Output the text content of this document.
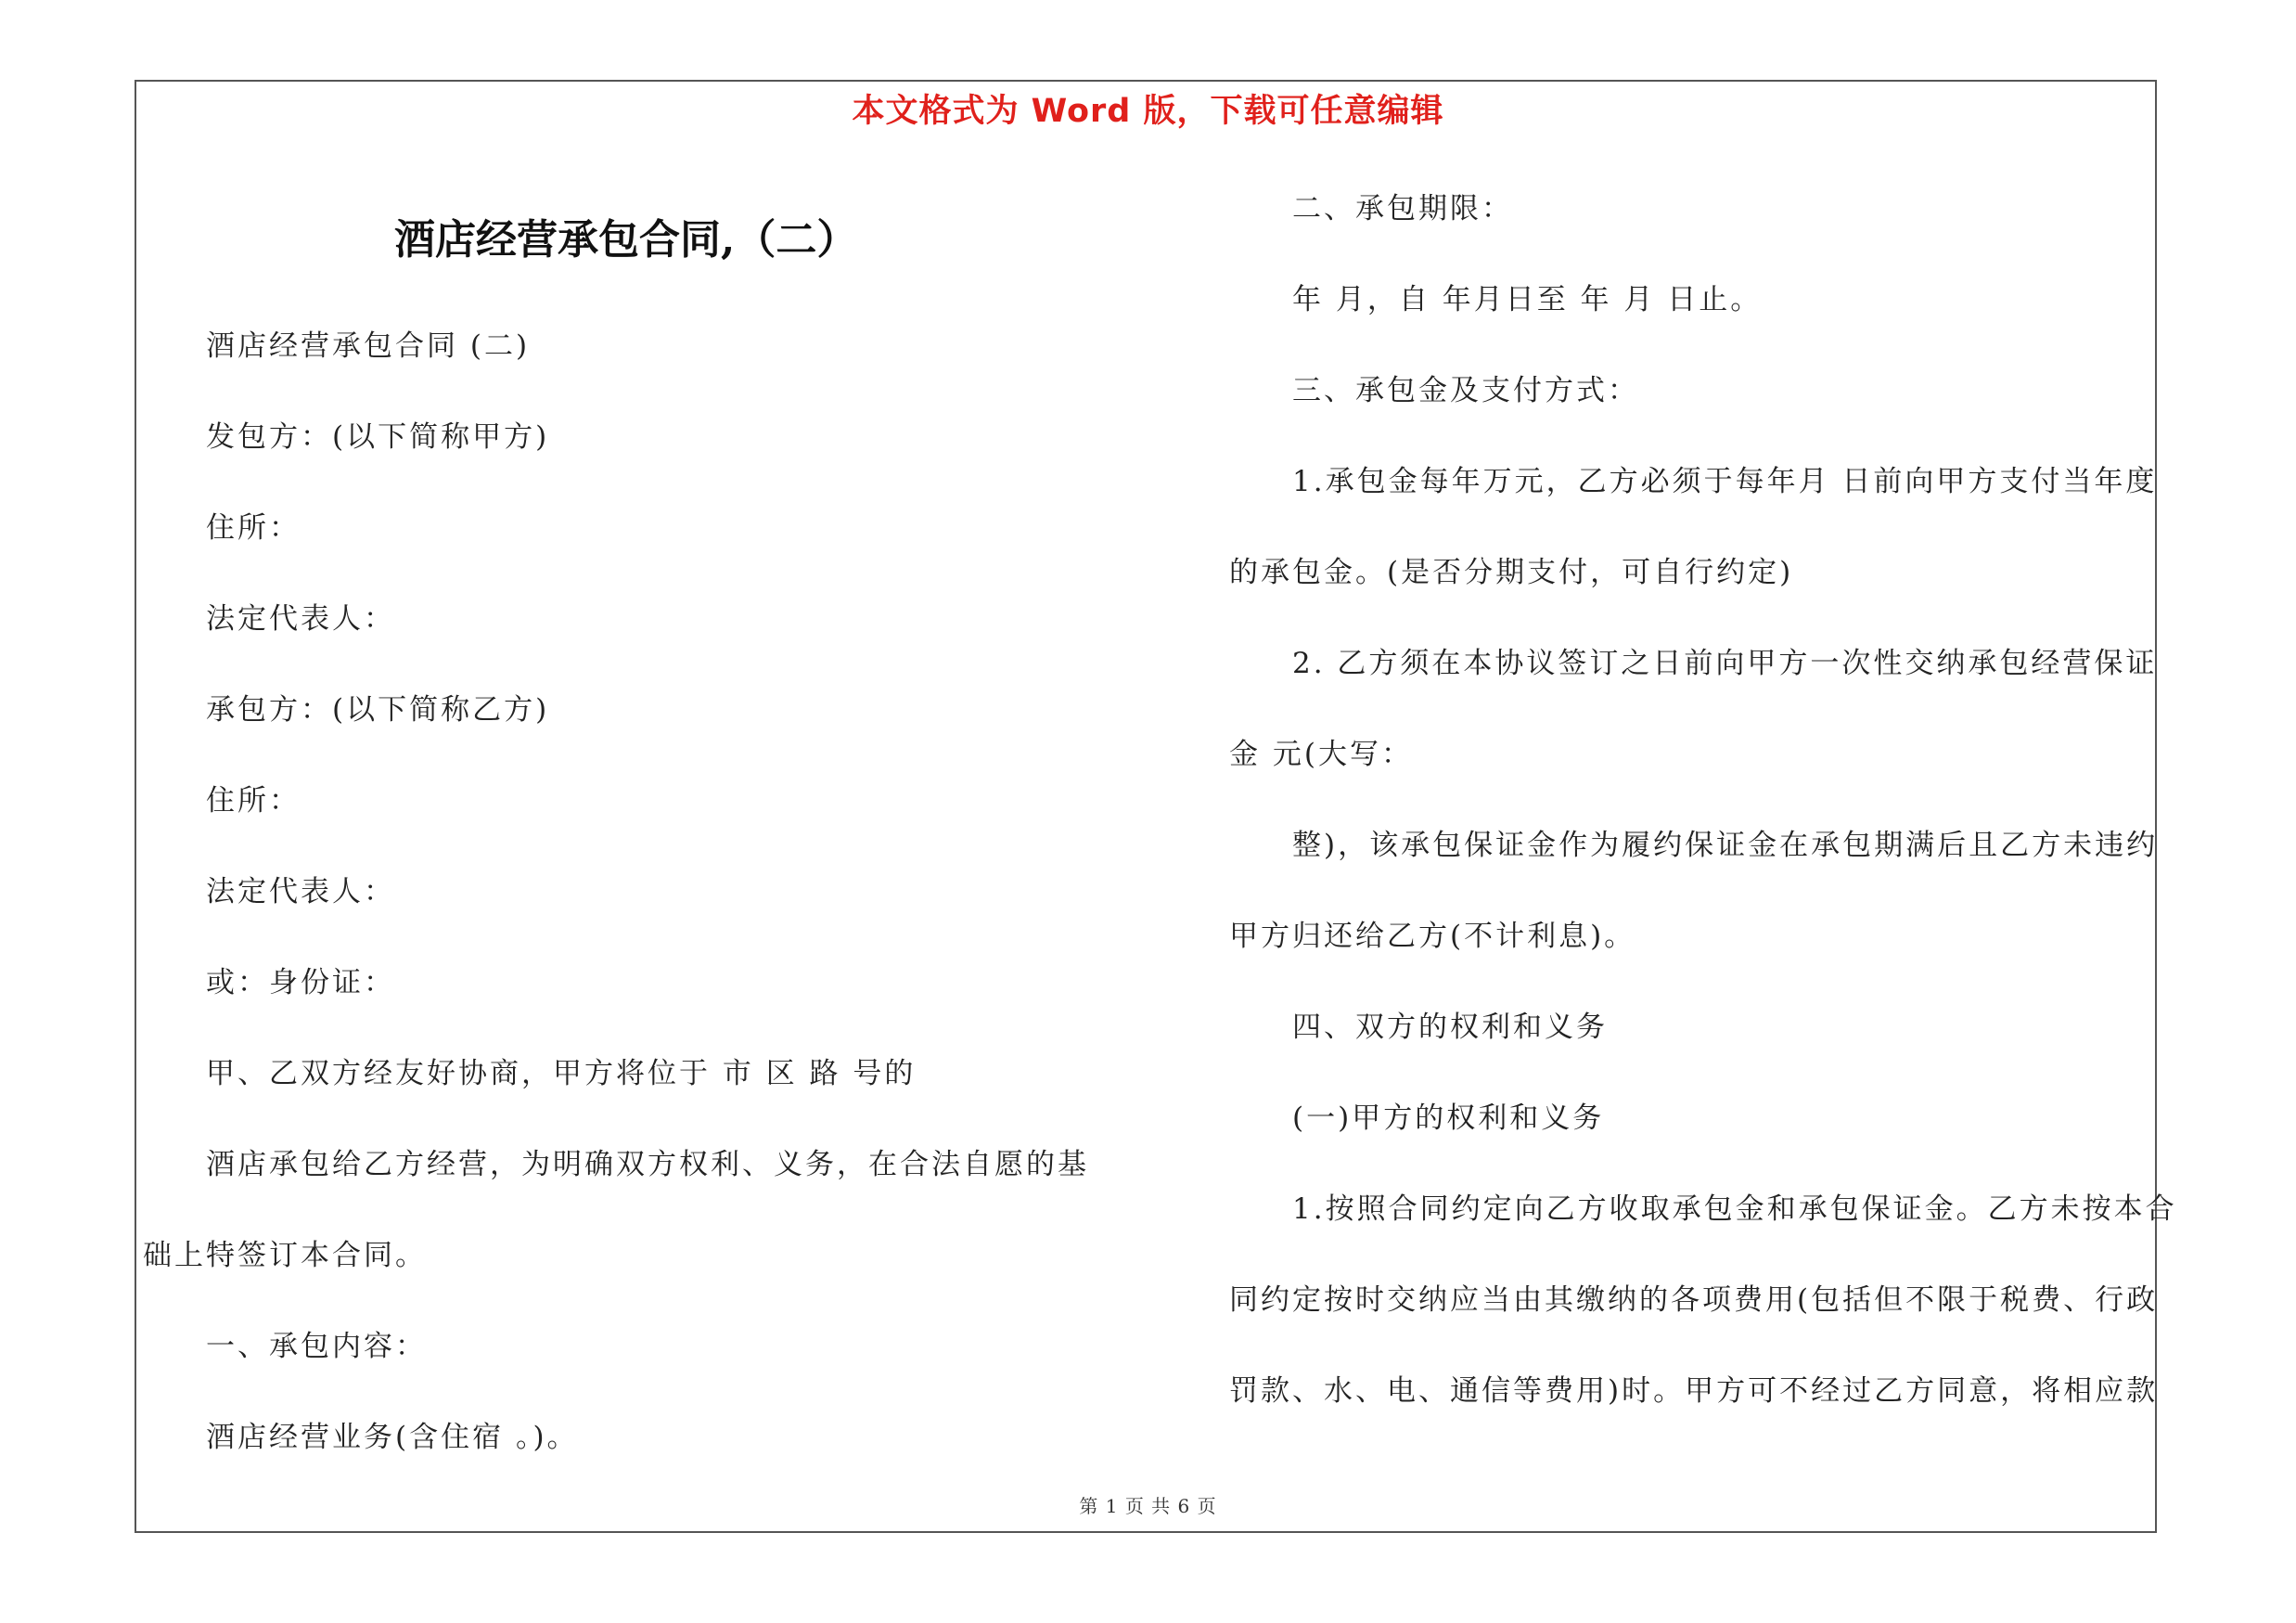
本文格式为 Word 版，下载可任意编辑
酒店经营承包合同,（二）
酒店经营承包合同 (二)
发包方：(以下简称甲方)
住所：
法定代表人：
承包方：(以下简称乙方)
住所：
法定代表人：
或：身份证：
甲、乙双方经友好协商，甲方将位于 市 区 路 号的
酒店承包给乙方经营，为明确双方权利、义务，在合法自愿的基
础上特签订本合同。
一、承包内容：
酒店经营业务(含住宿 。)。
二、承包期限：
年 月，自 年月日至 年 月 日止。
三、承包金及支付方式：
1.承包金每年万元，乙方必须于每年月 日前向甲方支付当年度
的承包金。(是否分期支付，可自行约定)
2. 乙方须在本协议签订之日前向甲方一次性交纳承包经营保证
金 元(大写：
整)，该承包保证金作为履约保证金在承包期满后且乙方未违约
甲方归还给乙方(不计利息)。
四、双方的权利和义务
(一)甲方的权利和义务
1.按照合同约定向乙方收取承包金和承包保证金。乙方未按本合
同约定按时交纳应当由其缴纳的各项费用(包括但不限于税费、行政
罚款、水、电、通信等费用)时。甲方可不经过乙方同意，将相应款
第 1 页 共 6 页
